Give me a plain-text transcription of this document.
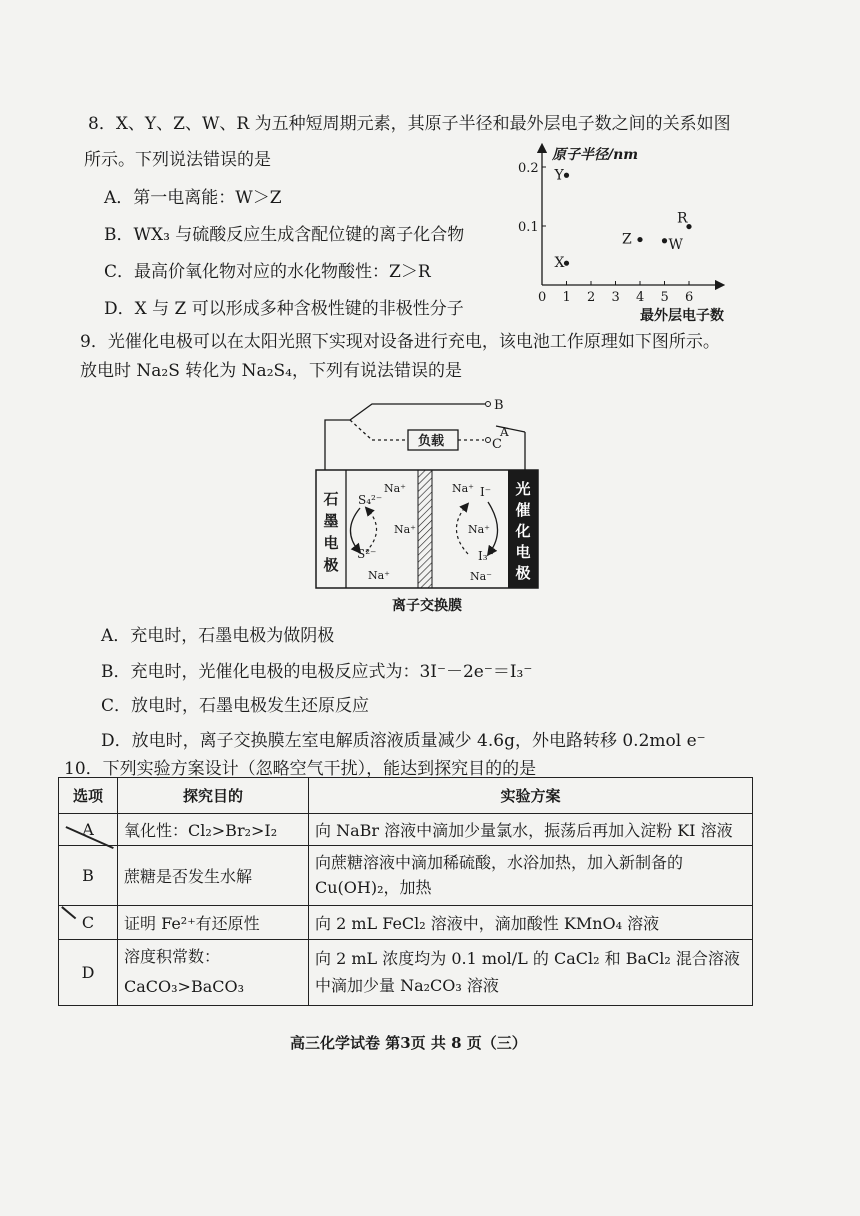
8．X、Y、Z、W、R 为五种短周期元素，其原子半径和最外层电子数之间的关系如图
所示。下列说法错误的是
A．第一电离能：W＞Z
B．WX₃ 与硫酸反应生成含配位键的离子化合物
C．最高价氧化物对应的水化物酸性：Z＞R
D．X 与 Z 可以形成多种含极性键的非极性分子
原子半径/nm
最外层电子数
0 1 2 3 4 5 6
0.1
0.2 Y
X
Z	W
R
9．光催化电极可以在太阳光照下实现对设备进行充电，该电池工作原理如下图所示。
放电时 Na₂S 转化为 Na₂S₄，下列有说法错误的是
B
A
C
负载
石墨电极
光催化电极
S₄²⁻
S²⁻
Na⁺
Na⁺
Na⁺
Na⁺ I⁻
Na⁺
I₃⁻
Na⁻
离子交换膜
A．充电时，石墨电极为做阴极
B．充电时，光催化电极的电极反应式为：3I⁻－2e⁻＝I₃⁻
C．放电时，石墨电极发生还原反应
D．放电时，离子交换膜左室电解质溶液质量减少 4.6g，外电路转移 0.2mol e⁻
10．下列实验方案设计（忽略空气干扰），能达到探究目的的是
选项	探究目的	实验方案
A	氧化性：Cl₂>Br₂>I₂	向 NaBr 溶液中滴加少量氯水，振荡后再加入淀粉 KI 溶液
B	蔗糖是否发生水解	向蔗糖溶液中滴加稀硫酸，水浴加热，加入新制备的 Cu(OH)₂，加热
C	证明 Fe²⁺有还原性	向 2 mL FeCl₂ 溶液中，滴加酸性 KMnO₄ 溶液
D	溶度积常数：CaCO₃>BaCO₃	向 2 mL 浓度均为 0.1 mol/L 的 CaCl₂ 和 BaCl₂ 混合溶液中滴加少量 Na₂CO₃ 溶液
高三化学试卷 第3页 共 8 页（三）
